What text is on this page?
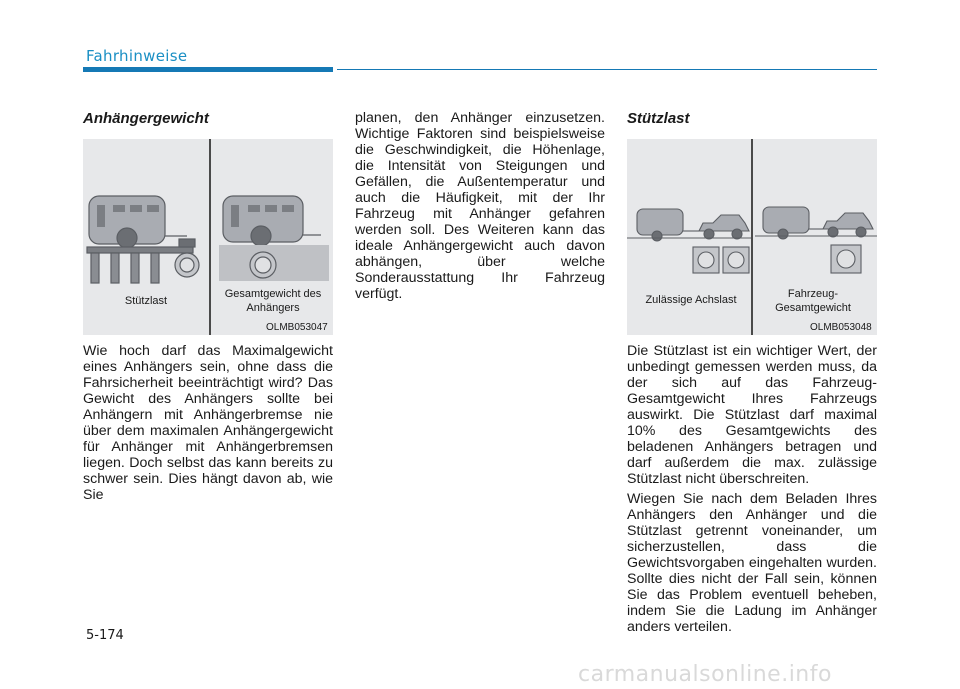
Fahrhinweise
Anhängergewicht
Stützlast
Gesamtgewicht des Anhängers
OLMB053047

Wie hoch darf das Maximalgewicht eines Anhängers sein, ohne dass die Fahrsicherheit beeinträchtigt wird? Das Gewicht des Anhängers sollte bei Anhängern mit Anhängerbremse nie über dem maximalen Anhängergewicht für Anhänger mit Anhängerbremsen liegen. Doch selbst das kann bereits zu schwer sein. Dies hängt davon ab, wie Sie

planen, den Anhänger einzusetzen. Wichtige Faktoren sind beispielsweise die Geschwindigkeit, die Höhenlage, die Intensität von Steigungen und Gefällen, die Außentemperatur und auch die Häufigkeit, mit der Ihr Fahrzeug mit Anhänger gefahren werden soll. Des Weiteren kann das ideale Anhängergewicht auch davon abhängen, über welche Sonderausstattung Ihr Fahrzeug verfügt.

Stützlast
Zulässige Achslast	Fahrzeug-Gesamtgewicht
OLMB053048

Die Stützlast ist ein wichtiger Wert, der unbedingt gemessen werden muss, da der sich auf das Fahrzeug-Gesamtgewicht Ihres Fahrzeugs auswirkt. Die Stützlast darf maximal 10% des Gesamtgewichts des beladenen Anhängers betragen und darf außerdem die max. zulässige Stützlast nicht überschreiten.

Wiegen Sie nach dem Beladen Ihres Anhängers den Anhänger und die Stützlast getrennt voneinander, um sicherzustellen, dass die Gewichtsvorgaben eingehalten wurden. Sollte dies nicht der Fall sein, können Sie das Problem eventuell beheben, indem Sie die Ladung im Anhänger anders verteilen.

5-174
carmanualsonline.info
